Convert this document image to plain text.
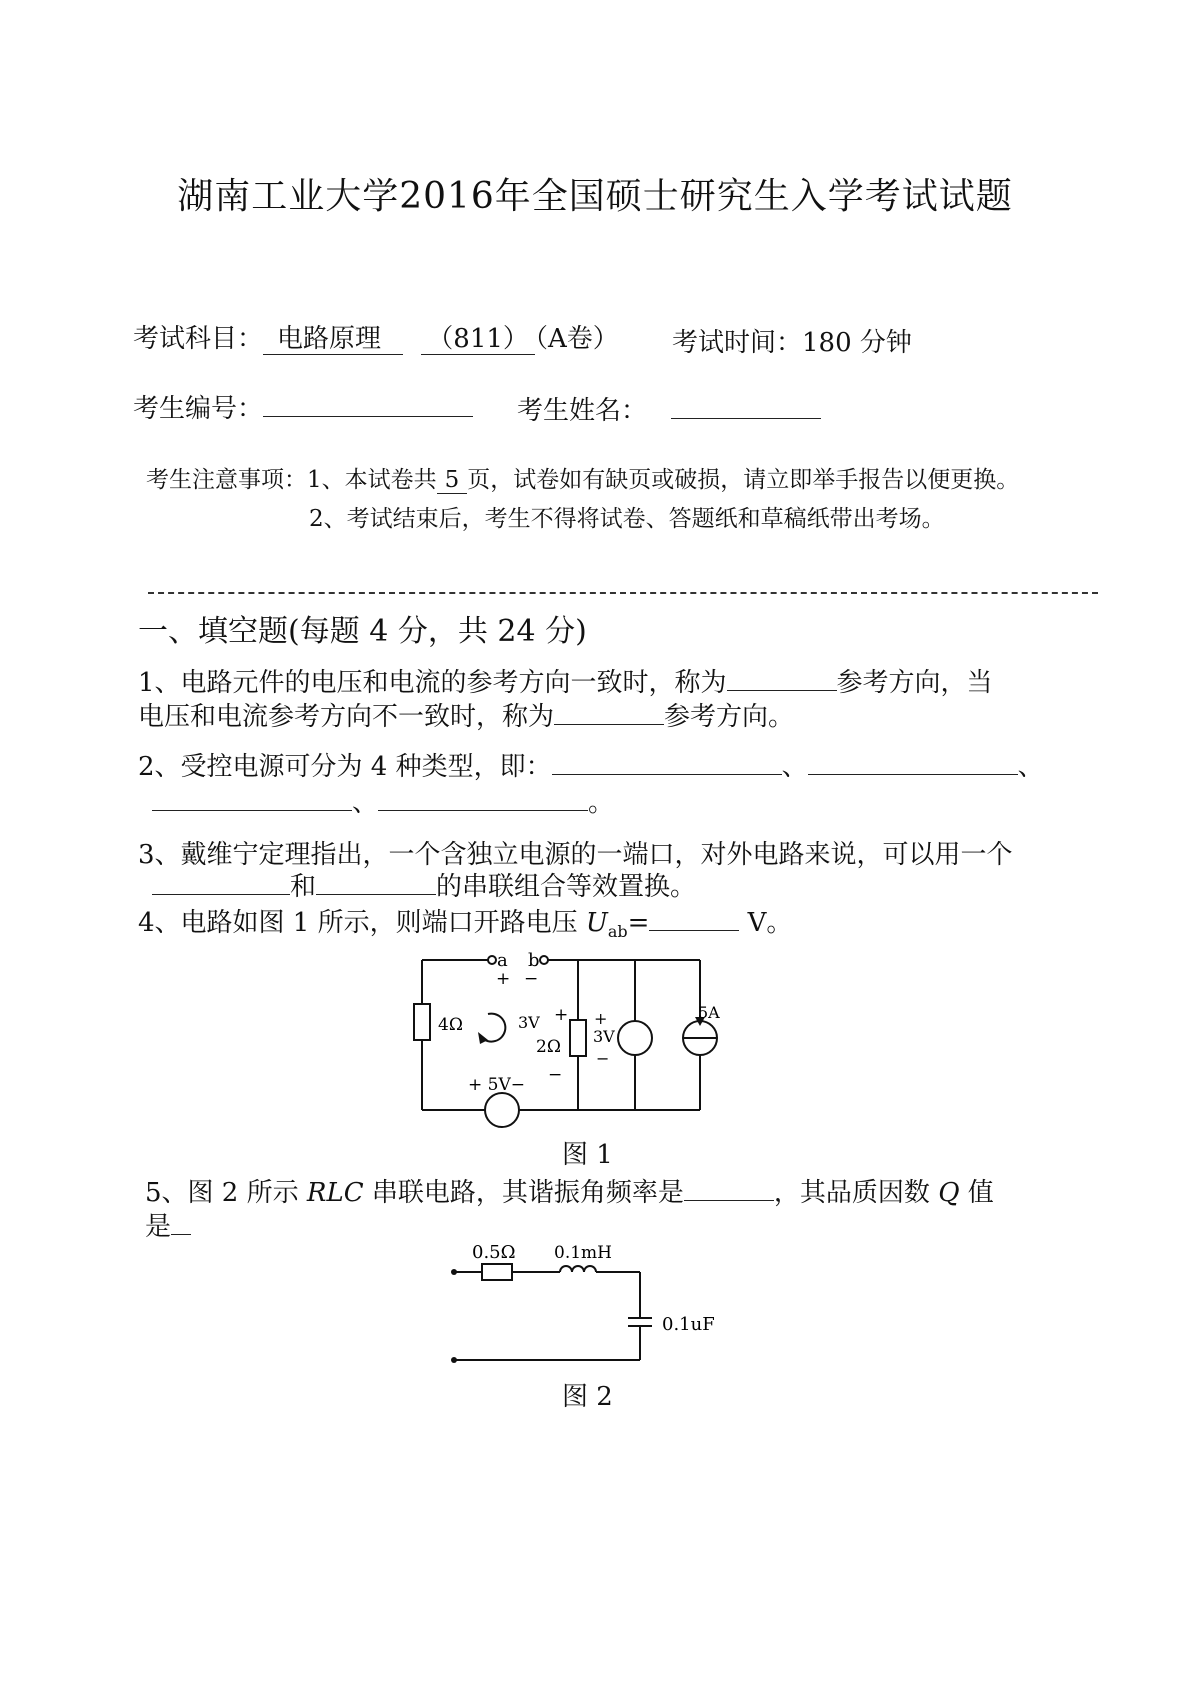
湖南工业大学2016年全国硕士研究生入学考试试题
考试科目： 电路原理 （811） （A卷） 考试时间：180 分钟
考生编号：	考生姓名：
考生注意事项：1、本试卷共 5 页，试卷如有缺页或破损，请立即举手报告以便更换。
2、考试结束后，考生不得将试卷、答题纸和草稿纸带出考场。
一、填空题(每题 4 分，共 24 分)
1、电路元件的电压和电流的参考方向一致时，称为	参考方向，当
电压和电流参考方向不一致时，称为	参考方向。
2、受控电源可分为 4 种类型，即：	、	、
、	。
3、戴维宁定理指出，一个含独立电源的一端口，对外电路来说，可以用一个
和	的串联组合等效置换。
4、电路如图 1 所示，则端口开路电压 $U_{ab}=$	V。
a b
+ −
4Ω
2Ω
3V +
−
+
3V
−
5A
+ 5V−
图 1
5、图 2 所示 RLC 串联电路，其谐振角频率是	，其品质因数 Q 值
是
0.5Ω 0.1mH
0.1uF
图 2
